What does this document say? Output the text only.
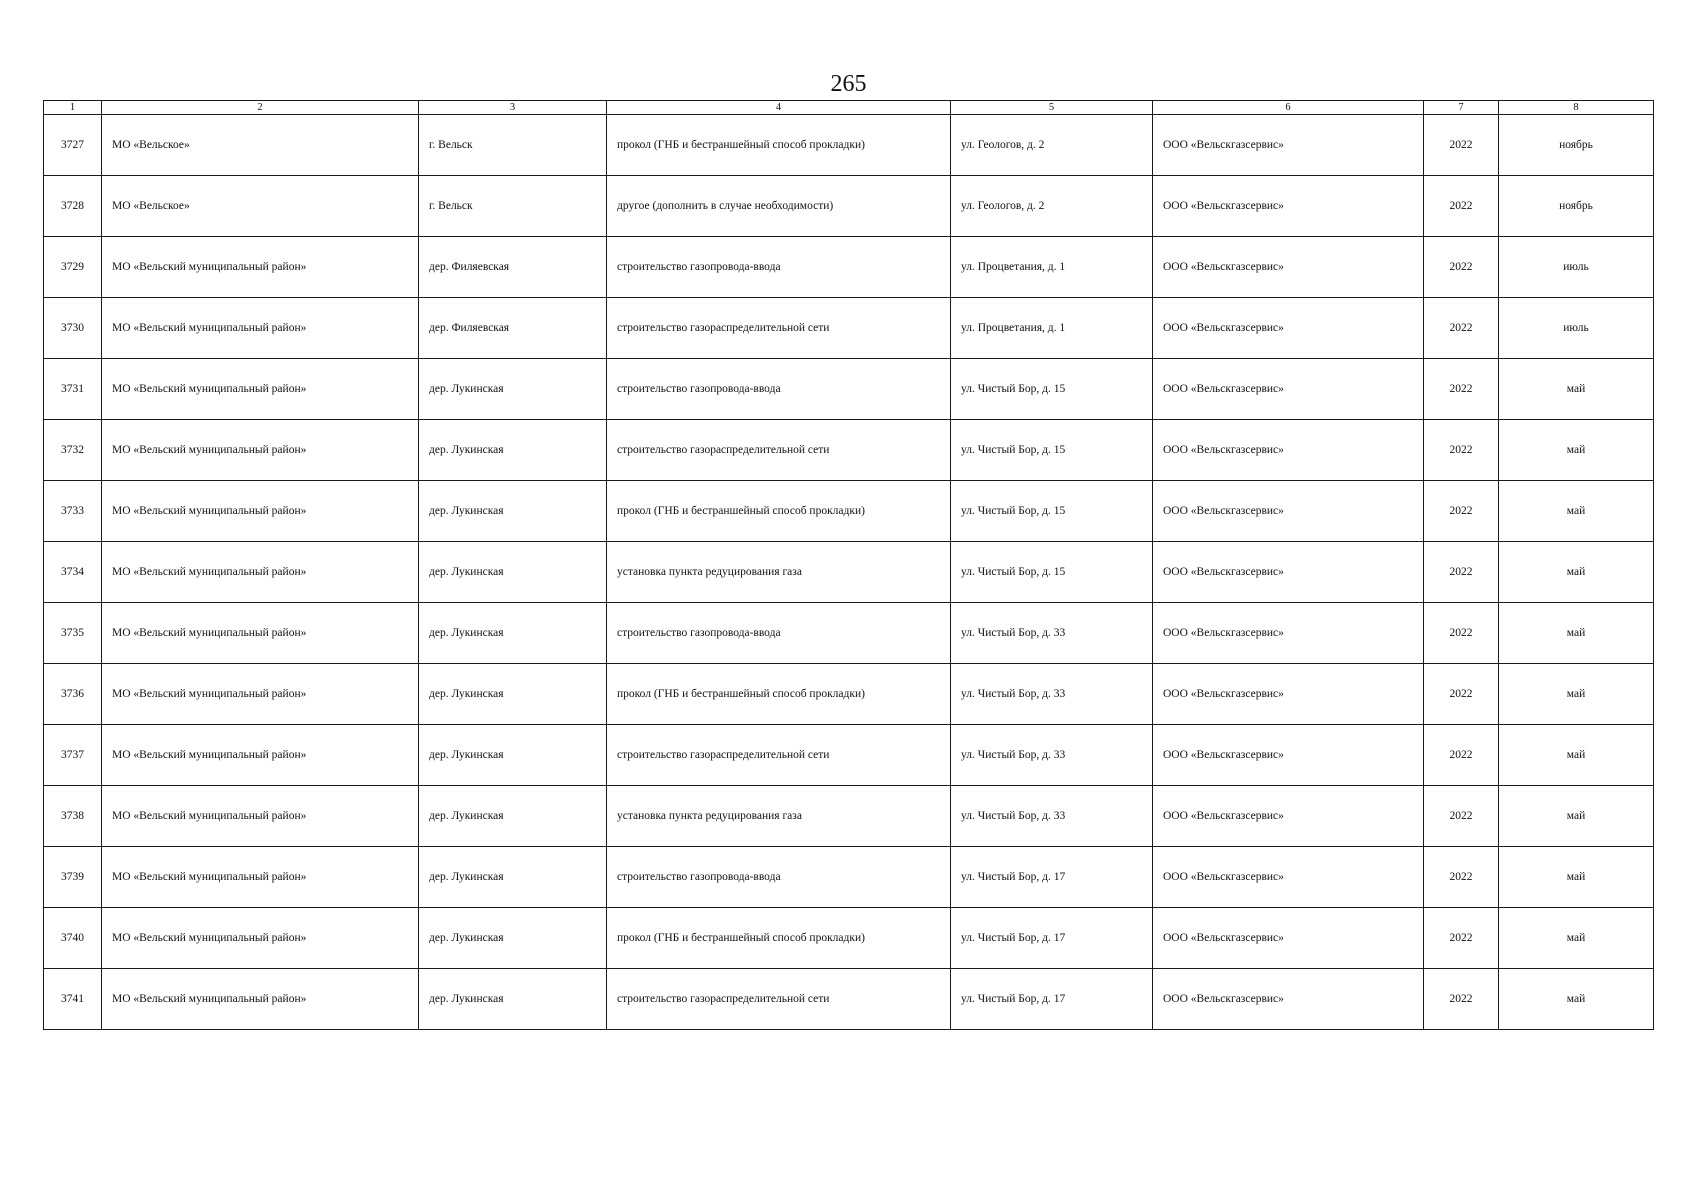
265
1	2	3	4	5	6	7	8
3727	МО «Вельское»	г. Вельск	прокол (ГНБ и бестраншейный способ прокладки)	ул. Геологов, д. 2	ООО «Вельскгазсервис»	2022	ноябрь
3728	МО «Вельское»	г. Вельск	другое (дополнить в случае необходимости)	ул. Геологов, д. 2	ООО «Вельскгазсервис»	2022	ноябрь
3729	МО «Вельский муниципальный район»	дер. Филяевская	строительство газопровода-ввода	ул. Процветания, д. 1	ООО «Вельскгазсервис»	2022	июль
3730	МО «Вельский муниципальный район»	дер. Филяевская	строительство газораспределительной сети	ул. Процветания, д. 1	ООО «Вельскгазсервис»	2022	июль
3731	МО «Вельский муниципальный район»	дер. Лукинская	строительство газопровода-ввода	ул. Чистый Бор, д. 15	ООО «Вельскгазсервис»	2022	май
3732	МО «Вельский муниципальный район»	дер. Лукинская	строительство газораспределительной сети	ул. Чистый Бор, д. 15	ООО «Вельскгазсервис»	2022	май
3733	МО «Вельский муниципальный район»	дер. Лукинская	прокол (ГНБ и бестраншейный способ прокладки)	ул. Чистый Бор, д. 15	ООО «Вельскгазсервис»	2022	май
3734	МО «Вельский муниципальный район»	дер. Лукинская	установка пункта редуцирования газа	ул. Чистый Бор, д. 15	ООО «Вельскгазсервис»	2022	май
3735	МО «Вельский муниципальный район»	дер. Лукинская	строительство газопровода-ввода	ул. Чистый Бор, д. 33	ООО «Вельскгазсервис»	2022	май
3736	МО «Вельский муниципальный район»	дер. Лукинская	прокол (ГНБ и бестраншейный способ прокладки)	ул. Чистый Бор, д. 33	ООО «Вельскгазсервис»	2022	май
3737	МО «Вельский муниципальный район»	дер. Лукинская	строительство газораспределительной сети	ул. Чистый Бор, д. 33	ООО «Вельскгазсервис»	2022	май
3738	МО «Вельский муниципальный район»	дер. Лукинская	установка пункта редуцирования газа	ул. Чистый Бор, д. 33	ООО «Вельскгазсервис»	2022	май
3739	МО «Вельский муниципальный район»	дер. Лукинская	строительство газопровода-ввода	ул. Чистый Бор, д. 17	ООО «Вельскгазсервис»	2022	май
3740	МО «Вельский муниципальный район»	дер. Лукинская	прокол (ГНБ и бестраншейный способ прокладки)	ул. Чистый Бор, д. 17	ООО «Вельскгазсервис»	2022	май
3741	МО «Вельский муниципальный район»	дер. Лукинская	строительство газораспределительной сети	ул. Чистый Бор, д. 17	ООО «Вельскгазсервис»	2022	май
